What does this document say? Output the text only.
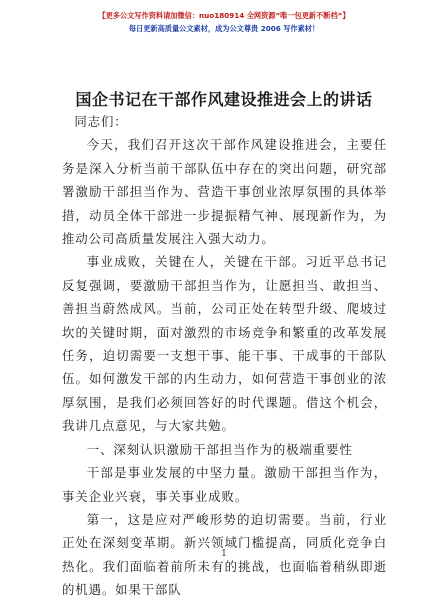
【更多公文写作资料请加微信：nuo180914 全网资源”唯一包更新不断档”】
每日更新高质量公文素材，成为公文尊贵 2006 写作素材！
国企书记在干部作风建设推进会上的讲话

同志们：

今天，我们召开这次干部作风建设推进会，主要任务是深入分析当前干部队伍中存在的突出问题，研究部署激励干部担当作为、营造干事创业浓厚氛围的具体举措，动员全体干部进一步提振精气神、展现新作为，为推动公司高质量发展注入强大动力。

事业成败，关键在人，关键在干部。习近平总书记反复强调，要激励干部担当作为，让愿担当、敢担当、善担当蔚然成风。当前，公司正处在转型升级、爬坡过坎的关键时期，面对激烈的市场竞争和繁重的改革发展任务，迫切需要一支想干事、能干事、干成事的干部队伍。如何激发干部的内生动力，如何营造干事创业的浓厚氛围，是我们必须回答好的时代课题。借这个机会，我讲几点意见，与大家共勉。

一、深刻认识激励干部担当作为的极端重要性

干部是事业发展的中坚力量。激励干部担当作为，事关企业兴衰，事关事业成败。

第一，这是应对严峻形势的迫切需要。当前，行业正处在深刻变革期。新兴领域门槛提高，同质化竞争白热化。我们面临着前所未有的挑战，也面临着稍纵即逝的机遇。如果干部队

1
